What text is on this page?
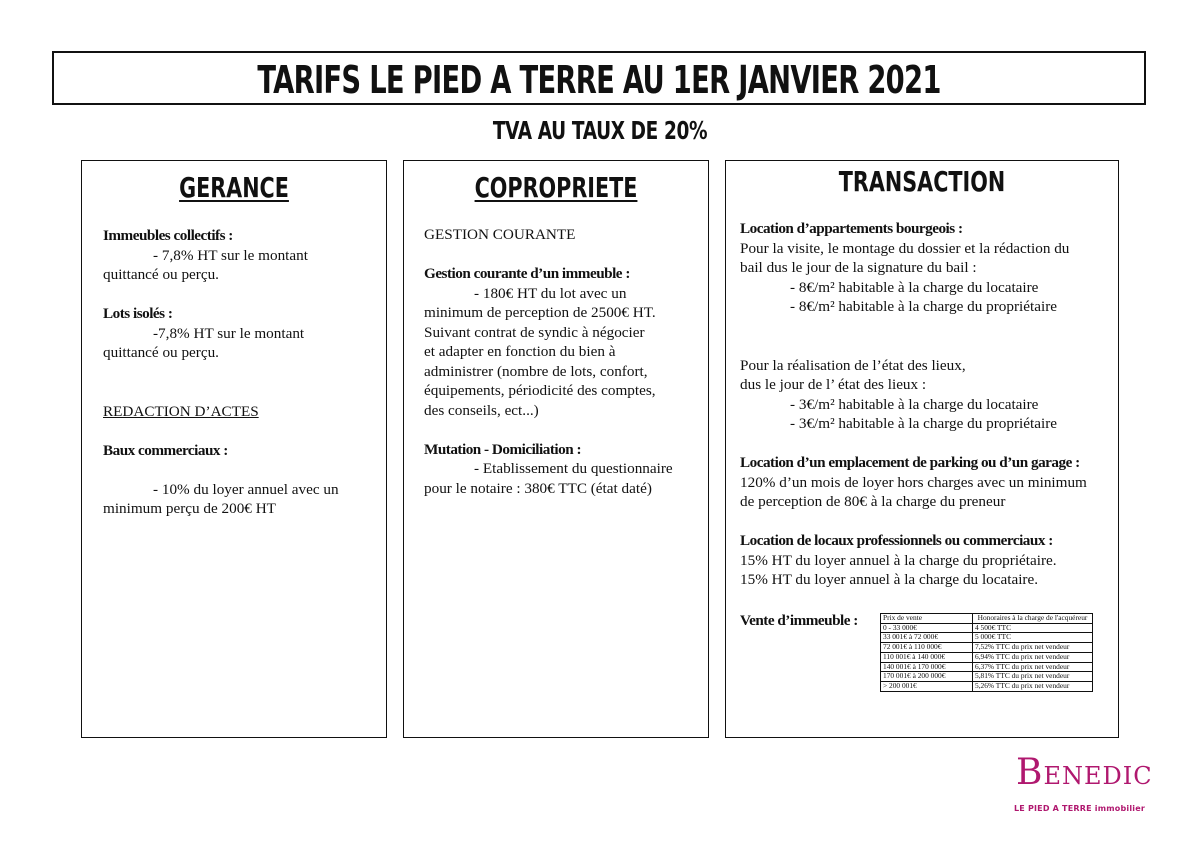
TARIFS LE PIED A TERRE AU 1ER JANVIER 2021
TVA AU TAUX DE 20%
GERANCE
Immeubles collectifs :
- 7,8% HT sur le montant
quittancé ou perçu.
Lots isolés :
-7,8% HT sur le montant
quittancé ou perçu.
REDACTION D’ACTES
Baux commerciaux :
- 10% du loyer annuel avec un
minimum perçu de 200€ HT
COPROPRIETE
GESTION COURANTE
Gestion courante d’un immeuble :
- 180€ HT du lot avec un
minimum de perception de 2500€ HT.
Suivant contrat de syndic à négocier
et adapter en fonction du bien à
administrer (nombre de lots, confort,
équipements, périodicité des comptes,
des conseils, ect...)
Mutation - Domiciliation :
- Etablissement du questionnaire
pour le notaire : 380€ TTC (état daté)
TRANSACTION
Location d’appartements bourgeois :
Pour la visite, le montage du dossier et la rédaction du
bail dus le jour de la signature du bail :
- 8€/m² habitable à la charge du locataire
- 8€/m² habitable à la charge du propriétaire
Pour la réalisation de l’état des lieux,
dus le jour de l’ état des lieux :
- 3€/m² habitable à la charge du locataire
- 3€/m² habitable à la charge du propriétaire
Location d’un emplacement de parking ou d’un garage :
120% d’un mois de loyer hors charges avec un minimum
de perception de 80€ à la charge du preneur
Location de locaux professionnels ou commerciaux :
15% HT du loyer annuel à la charge du propriétaire.
15% HT du loyer annuel à la charge du locataire.
Vente d’immeuble :	Prix de vente	Honoraires à la charge de l'acquéreur
0 - 33 000€	4 500€ TTC
33 001€ à 72 000€	5 000€ TTC
72 001€ à 110 000€	7,52% TTC du prix net vendeur
110 001€ à 140 000€	6,94% TTC du prix net vendeur
140 001€ à 170 000€	6,37% TTC du prix net vendeur
170 001€ à 200 000€	5,81% TTC du prix net vendeur
> 200 001€	5,26% TTC du prix net vendeur
BENEDIC
LE PIED A TERRE immobilier
